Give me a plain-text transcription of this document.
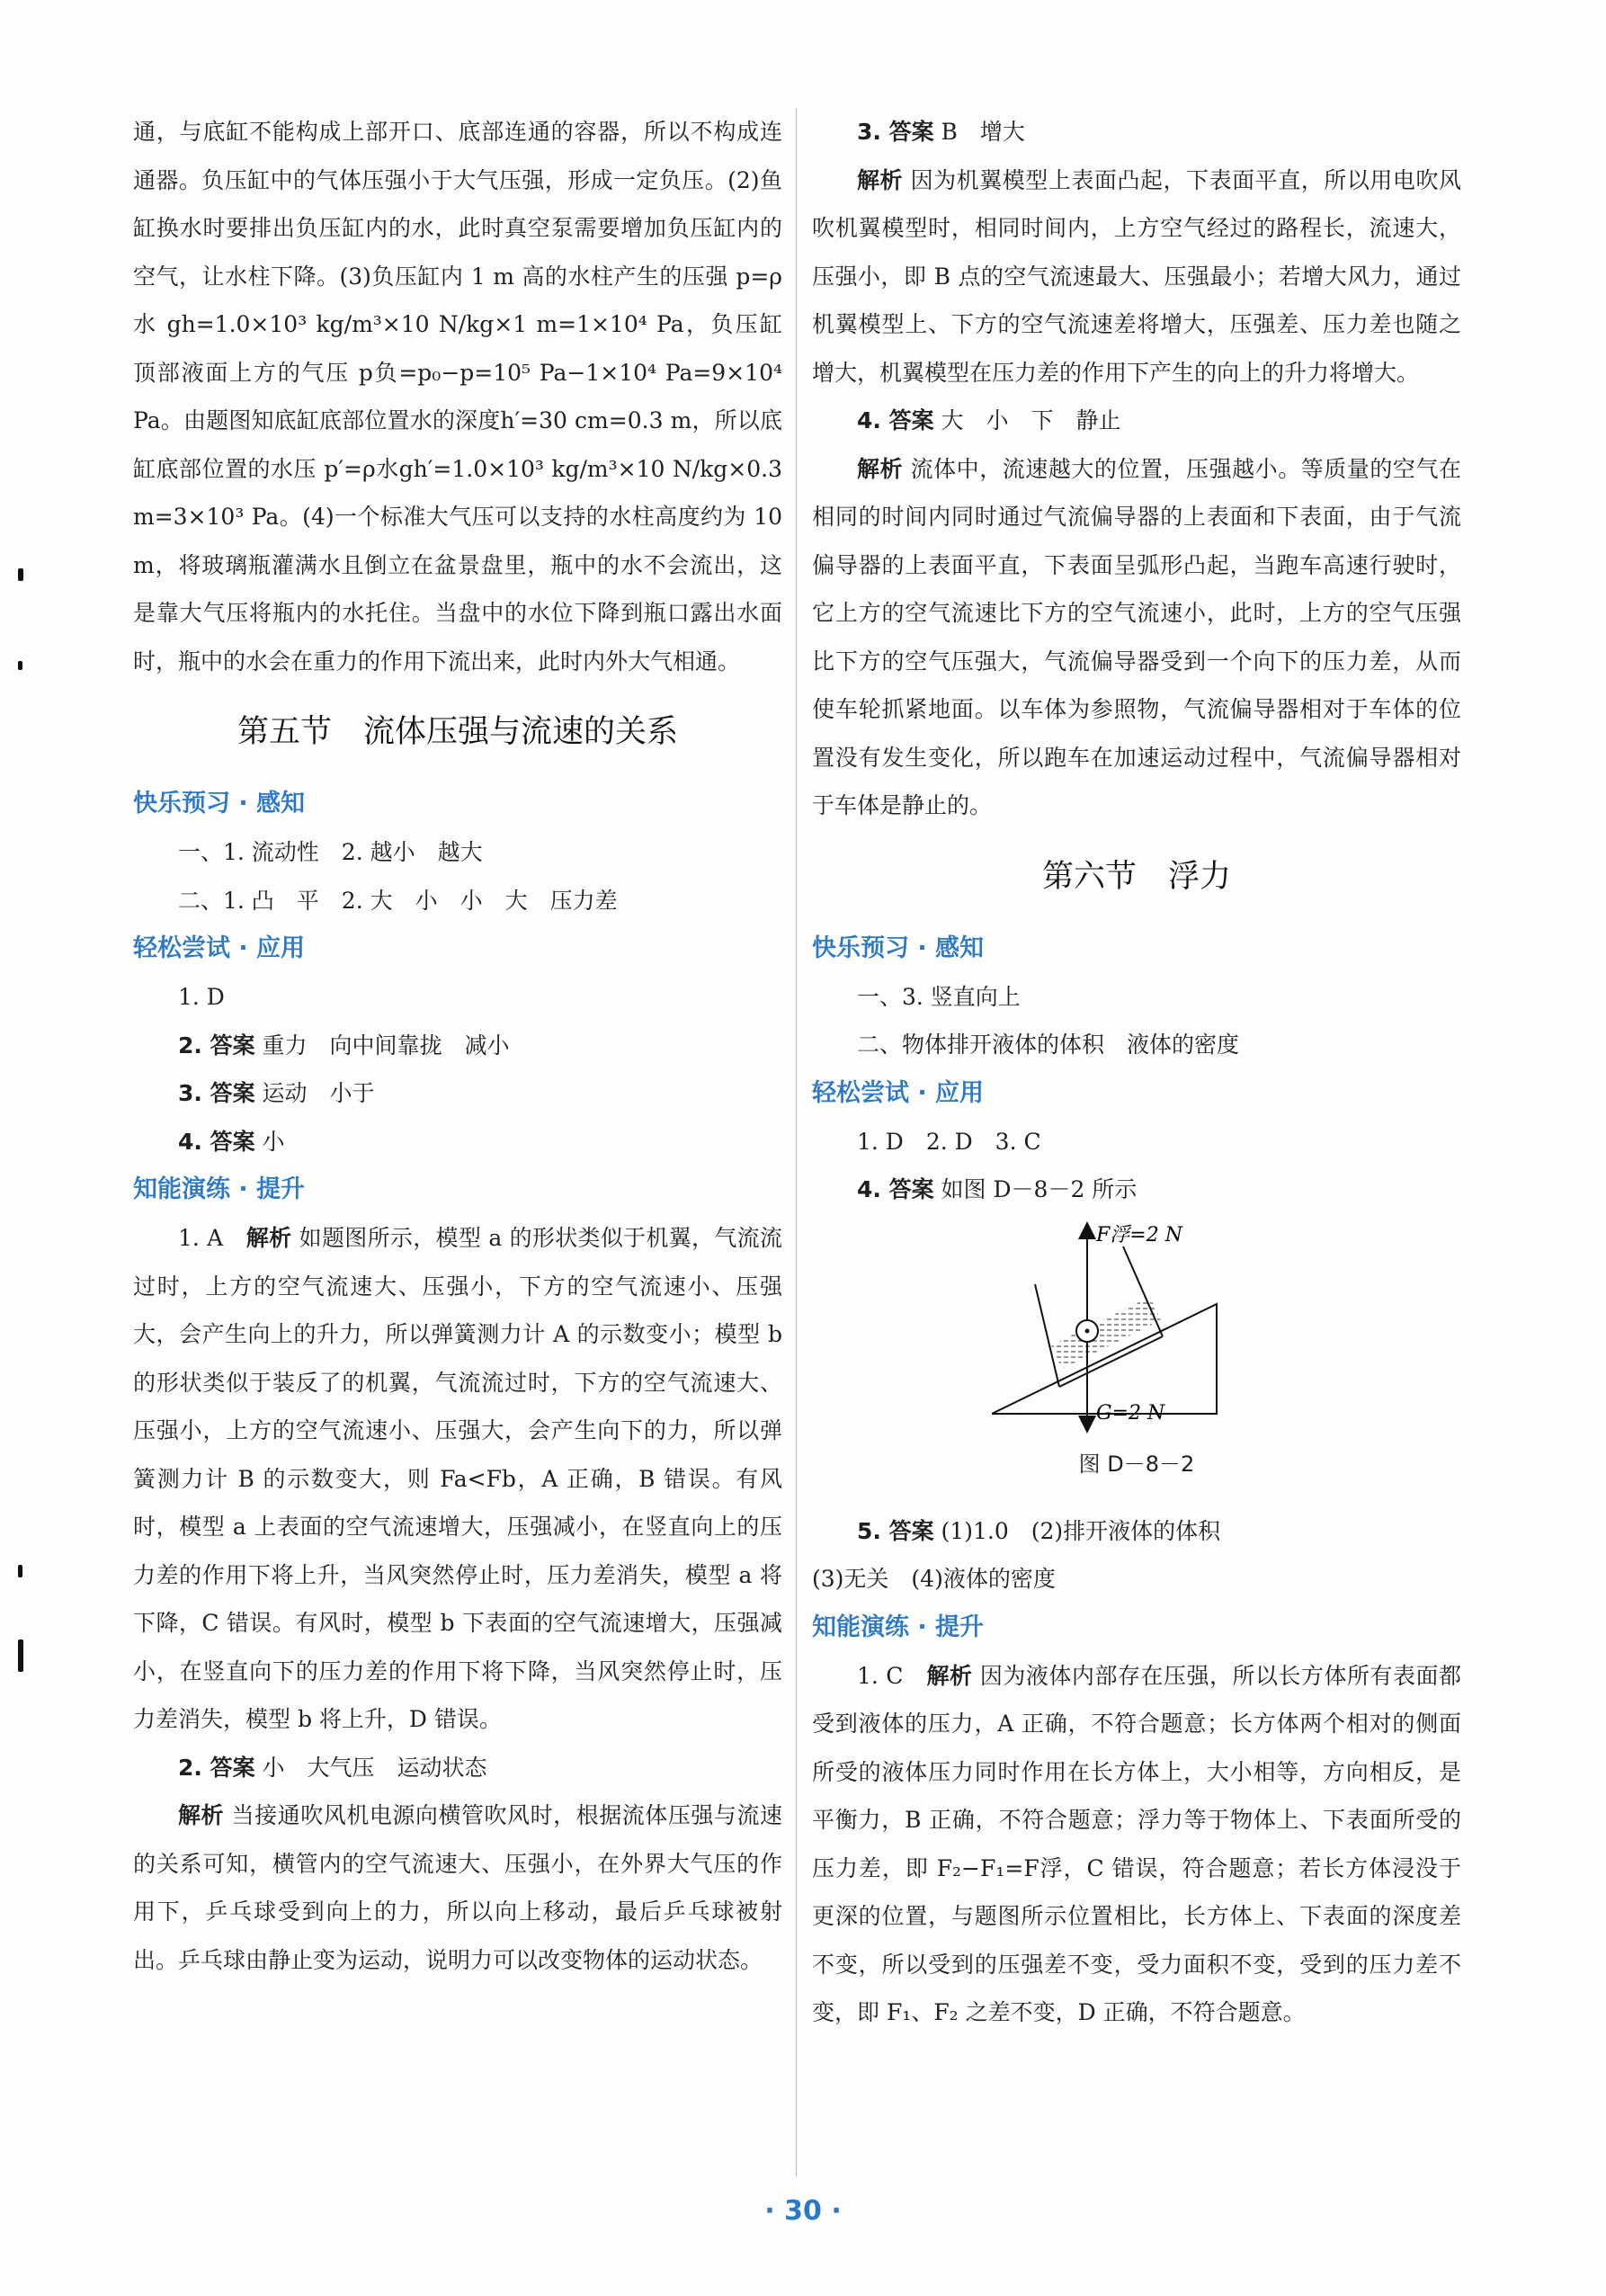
通，与底缸不能构成上部开口、底部连通的容器，所以不构成连通器。负压缸中的气体压强小于大气压强，形成一定负压。(2)鱼缸换水时要排出负压缸内的水，此时真空泵需要增加负压缸内的空气，让水柱下降。(3)负压缸内 1 m 高的水柱产生的压强 p=ρ水 gh=1.0×10³ kg/m³×10 N/kg×1 m=1×10⁴ Pa，负压缸顶部液面上方的气压 p负=p₀−p=10⁵ Pa−1×10⁴ Pa=9×10⁴ Pa。由题图知底缸底部位置水的深度h′=30 cm=0.3 m，所以底缸底部位置的水压 p′=ρ水gh′=1.0×10³ kg/m³×10 N/kg×0.3 m=3×10³ Pa。(4)一个标准大气压可以支持的水柱高度约为 10 m，将玻璃瓶灌满水且倒立在盆景盘里，瓶中的水不会流出，这是靠大气压将瓶内的水托住。当盘中的水位下降到瓶口露出水面时，瓶中的水会在重力的作用下流出来，此时内外大气相通。

第五节　流体压强与流速的关系
快乐预习 · 感知

一、1. 流动性　2. 越小　越大

二、1. 凸　平　2. 大　小　小　大　压力差

轻松尝试 · 应用

1. D

2. 答案 重力　向中间靠拢　减小

3. 答案 运动　小于

4. 答案 小

知能演练 · 提升

1. A　解析 如题图所示，模型 a 的形状类似于机翼，气流流过时，上方的空气流速大、压强小，下方的空气流速小、压强大，会产生向上的升力，所以弹簧测力计 A 的示数变小；模型 b 的形状类似于装反了的机翼，气流流过时，下方的空气流速大、压强小，上方的空气流速小、压强大，会产生向下的力，所以弹簧测力计 B 的示数变大，则 Fa<Fb，A 正确，B 错误。有风时，模型 a 上表面的空气流速增大，压强减小，在竖直向上的压力差的作用下将上升，当风突然停止时，压力差消失，模型 a 将下降，C 错误。有风时，模型 b 下表面的空气流速增大，压强减小，在竖直向下的压力差的作用下将下降，当风突然停止时，压力差消失，模型 b 将上升，D 错误。

2. 答案 小　大气压　运动状态

解析 当接通吹风机电源向横管吹风时，根据流体压强与流速的关系可知，横管内的空气流速大、压强小，在外界大气压的作用下，乒乓球受到向上的力，所以向上移动，最后乒乓球被射出。乒乓球由静止变为运动，说明力可以改变物体的运动状态。

3. 答案 B　增大

解析 因为机翼模型上表面凸起，下表面平直，所以用电吹风吹机翼模型时，相同时间内，上方空气经过的路程长，流速大，压强小，即 B 点的空气流速最大、压强最小；若增大风力，通过机翼模型上、下方的空气流速差将增大，压强差、压力差也随之增大，机翼模型在压力差的作用下产生的向上的升力将增大。

4. 答案 大　小　下　静止

解析 流体中，流速越大的位置，压强越小。等质量的空气在相同的时间内同时通过气流偏导器的上表面和下表面，由于气流偏导器的上表面平直，下表面呈弧形凸起，当跑车高速行驶时，它上方的空气流速比下方的空气流速小，此时，上方的空气压强比下方的空气压强大，气流偏导器受到一个向下的压力差，从而使车轮抓紧地面。以车体为参照物，气流偏导器相对于车体的位置没有发生变化，所以跑车在加速运动过程中，气流偏导器相对于车体是静止的。

第六节　浮力
快乐预习 · 感知

一、3. 竖直向上

二、物体排开液体的体积　液体的密度

轻松尝试 · 应用

1. D　2. D　3. C

4. 答案 如图 D－8－2 所示

F浮=2 N
G=2 N
图 D－8－2

5. 答案 (1)1.0　(2)排开液体的体积

(3)无关　(4)液体的密度

知能演练 · 提升

1. C　解析 因为液体内部存在压强，所以长方体所有表面都受到液体的压力，A 正确，不符合题意；长方体两个相对的侧面所受的液体压力同时作用在长方体上，大小相等，方向相反，是平衡力，B 正确，不符合题意；浮力等于物体上、下表面所受的压力差，即 F₂−F₁=F浮，C 错误，符合题意；若长方体浸没于更深的位置，与题图所示位置相比，长方体上、下表面的深度差不变，所以受到的压强差不变，受力面积不变，受到的压力差不变，即 F₁、F₂ 之差不变，D 正确，不符合题意。

· 30 ·
